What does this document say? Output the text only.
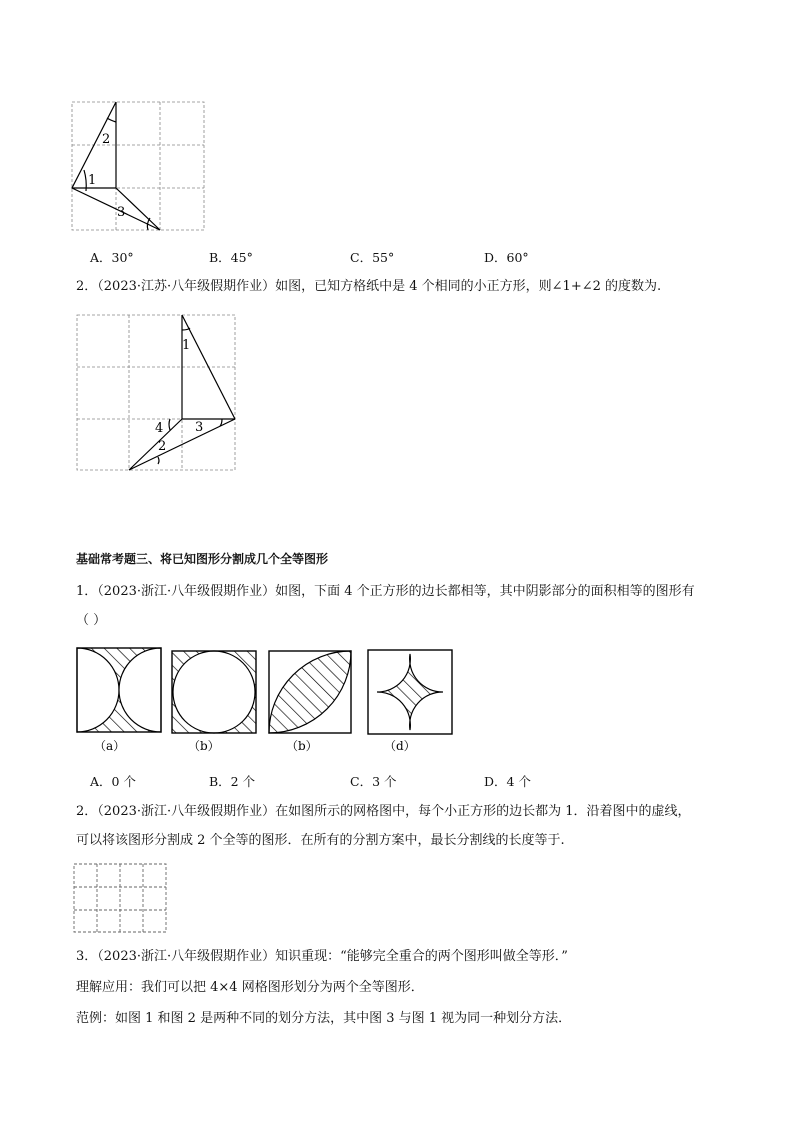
2
1
3
A．30°	B．45°	C．55°	D．60°
2．（2023·江苏·八年级假期作业）如图，已知方格纸中是 4 个相同的小正方形，则∠1+∠2 的度数为.
1
4 3
2
基础常考题三、将已知图形分割成几个全等图形
1．（2023·浙江·八年级假期作业）如图，下面 4 个正方形的边长都相等，其中阴影部分的面积相等的图形有
（ ）
（a）	（b）	（b）	（d）
A．0 个	B．2 个	C．3 个	D．4 个
2．（2023·浙江·八年级假期作业）在如图所示的网格图中，每个小正方形的边长都为 1．沿着图中的虚线，
可以将该图形分割成 2 个全等的图形．在所有的分割方案中，最长分割线的长度等于.
3．（2023·浙江·八年级假期作业）知识重现：“能够完全重合的两个图形叫做全等形．”
理解应用：我们可以把 4×4 网格图形划分为两个全等图形．
范例：如图 1 和图 2 是两种不同的划分方法，其中图 3 与图 1 视为同一种划分方法．
